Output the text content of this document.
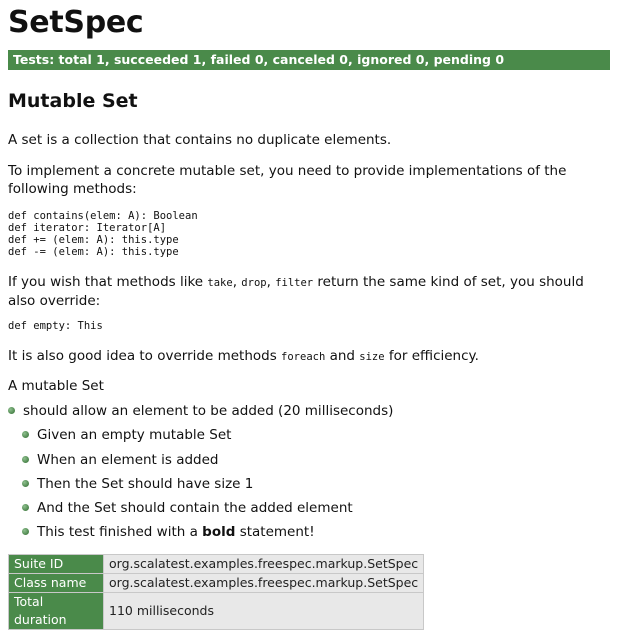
SetSpec
Tests: total 1, succeeded 1, failed 0, canceled 0, ignored 0, pending 0
Mutable Set

A set is a collection that contains no duplicate elements.

To implement a concrete mutable set, you need to provide implementations of the following methods:

def contains(elem: A): Boolean
def iterator: Iterator[A]
def += (elem: A): this.type
def -= (elem: A): this.type

If you wish that methods like take, drop, filter return the same kind of set, you should also override:

def empty: This

It is also good idea to override methods foreach and size for efficiency.

A mutable Set
should allow an element to be added (20 milliseconds)
Given an empty mutable Set
When an element is added
Then the Set should have size 1
And the Set should contain the added element
This test finished with a bold statement!
Suite ID	org.scalatest.examples.freespec.markup.SetSpec
Class name	org.scalatest.examples.freespec.markup.SetSpec
Total duration	110 milliseconds
